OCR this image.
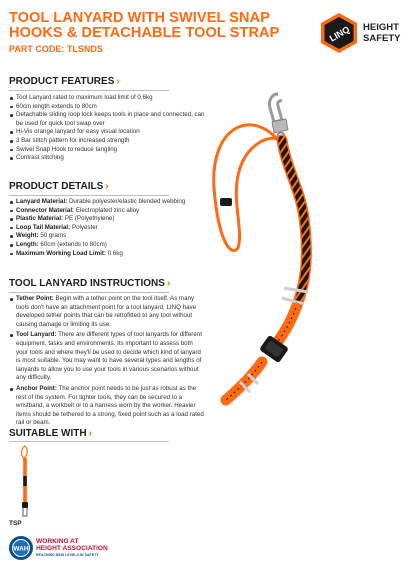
TOOL LANYARD WITH SWIVEL SNAP
HOOKS & DETACHABLE TOOL STRAP
PART CODE: TLSNDS
LINQ HEIGHT
SAFETY
PRODUCT FEATURES ›
Tool Lanyard rated to maximum load limit of 0.6kg
60cm length extends to 80cm
Detachable sliding loop lock keeps tools in place and connected, can be used for quick tool swap over
Hi-Vis orange lanyard for easy visual location
3 Bar stitch pattern for increased strength
Swivel Snap Hook to reduce tangling
Contrast stitching
PRODUCT DETAILS ›
Lanyard Material: Durable polyester/elastic blended webbing
Connector Material: Electroplated zinc alloy
Plastic Material: PE (Polyethylene)
Loop Tail Material: Polyester
Weight: 50 grams
Length: 60cm (extends to 80cm)
Maximum Working Load Limit: 0.6kg
TOOL LANYARD INSTRUCTIONS ›
Tether Point: Begin with a tether point on the tool itself. As many tools don't have an attachment point for a tool lanyard, LINQ have developed tether points that can be retrofitted to any tool without causing damage or limiting its use.
Tool Lanyard: There are different types of tool lanyards for different equipment, tasks and environments. Its important to assess both your tools and where they'll be used to decide which kind of lanyard is most suitable. You may want to have several types and lengths of lanyards to allow you to use your tools in various scenarios without any difficulty.
Anchor Point: The anchor point needs to be just as robust as the rest of the system. For lighter tools, they can be secured to a wristband, a workbelt or to a harness worn by the worker. Heavier items should be tethered to a strong, fixed point such as a load rated rail or beam.
SUITABLE WITH ›
TSP
WAH
WORKING AT
HEIGHT ASSOCIATION
REACHING NEW LEVELS IN SAFETY
